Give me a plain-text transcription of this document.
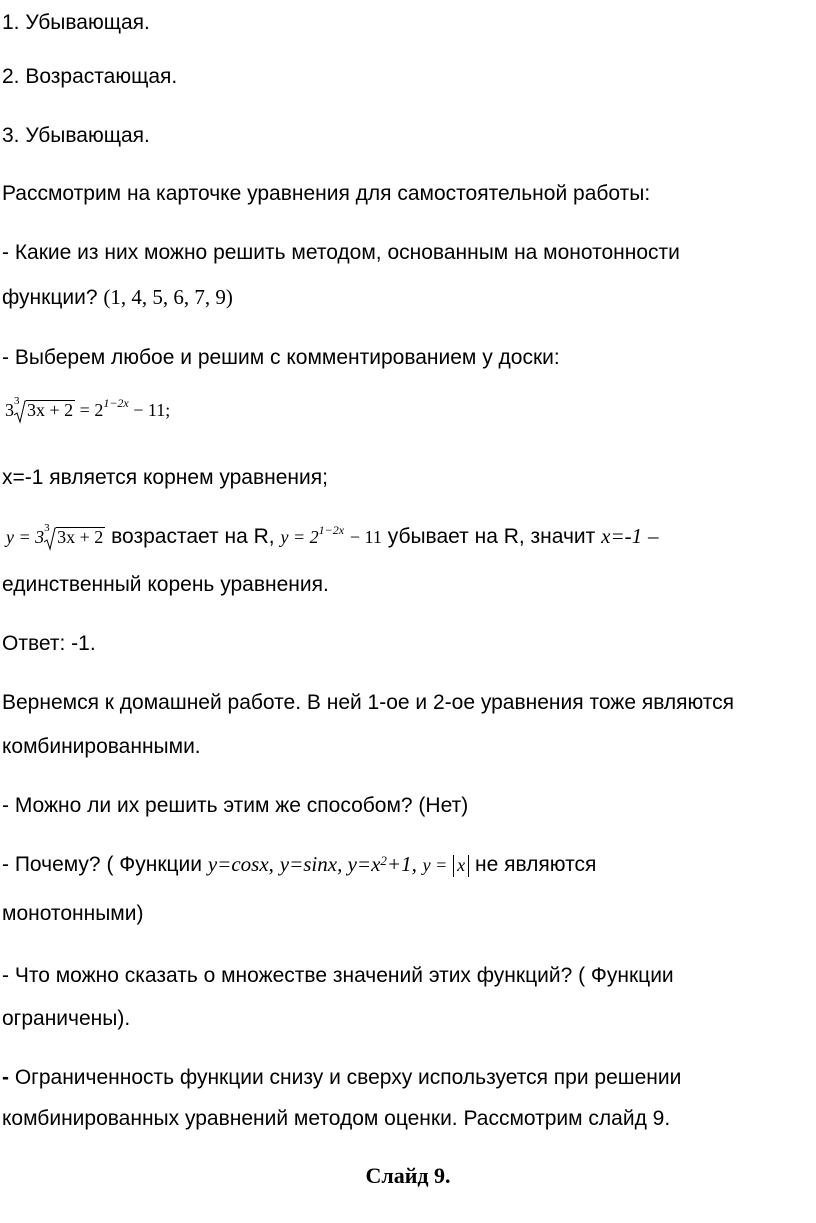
1. Убывающая.
2. Возрастающая.
3. Убывающая.
Рассмотрим на карточке уравнения для самостоятельной работы:
- Какие из них можно решить методом, основанным на монотонности
функции? (1, 4, 5, 6, 7, 9)
- Выберем любое и решим с комментированием у доски:
3 3 $3x + 2 = 2^{1-2x} - 11$;
x=-1 является корнем уравнения;
y = 3 3 3x + 2 возрастает на R, $y = 2^{1-2x} - 11$ убывает на R, значит x=-1 –
единственный корень уравнения.
Ответ: -1.
Вернемся к домашней работе. В ней 1-ое и 2-ое уравнения тоже являются
комбинированными.
- Можно ли их решить этим же способом? (Нет)
- Почему? ( Функции y=cosx, y=sinx, $y=x^2+1$, y = x не являются
монотонными)
- Что можно сказать о множестве значений этих функций? ( Функции
ограничены).
- Ограниченность функции снизу и сверху используется при решении
комбинированных уравнений методом оценки. Рассмотрим слайд 9.
Слайд 9.
